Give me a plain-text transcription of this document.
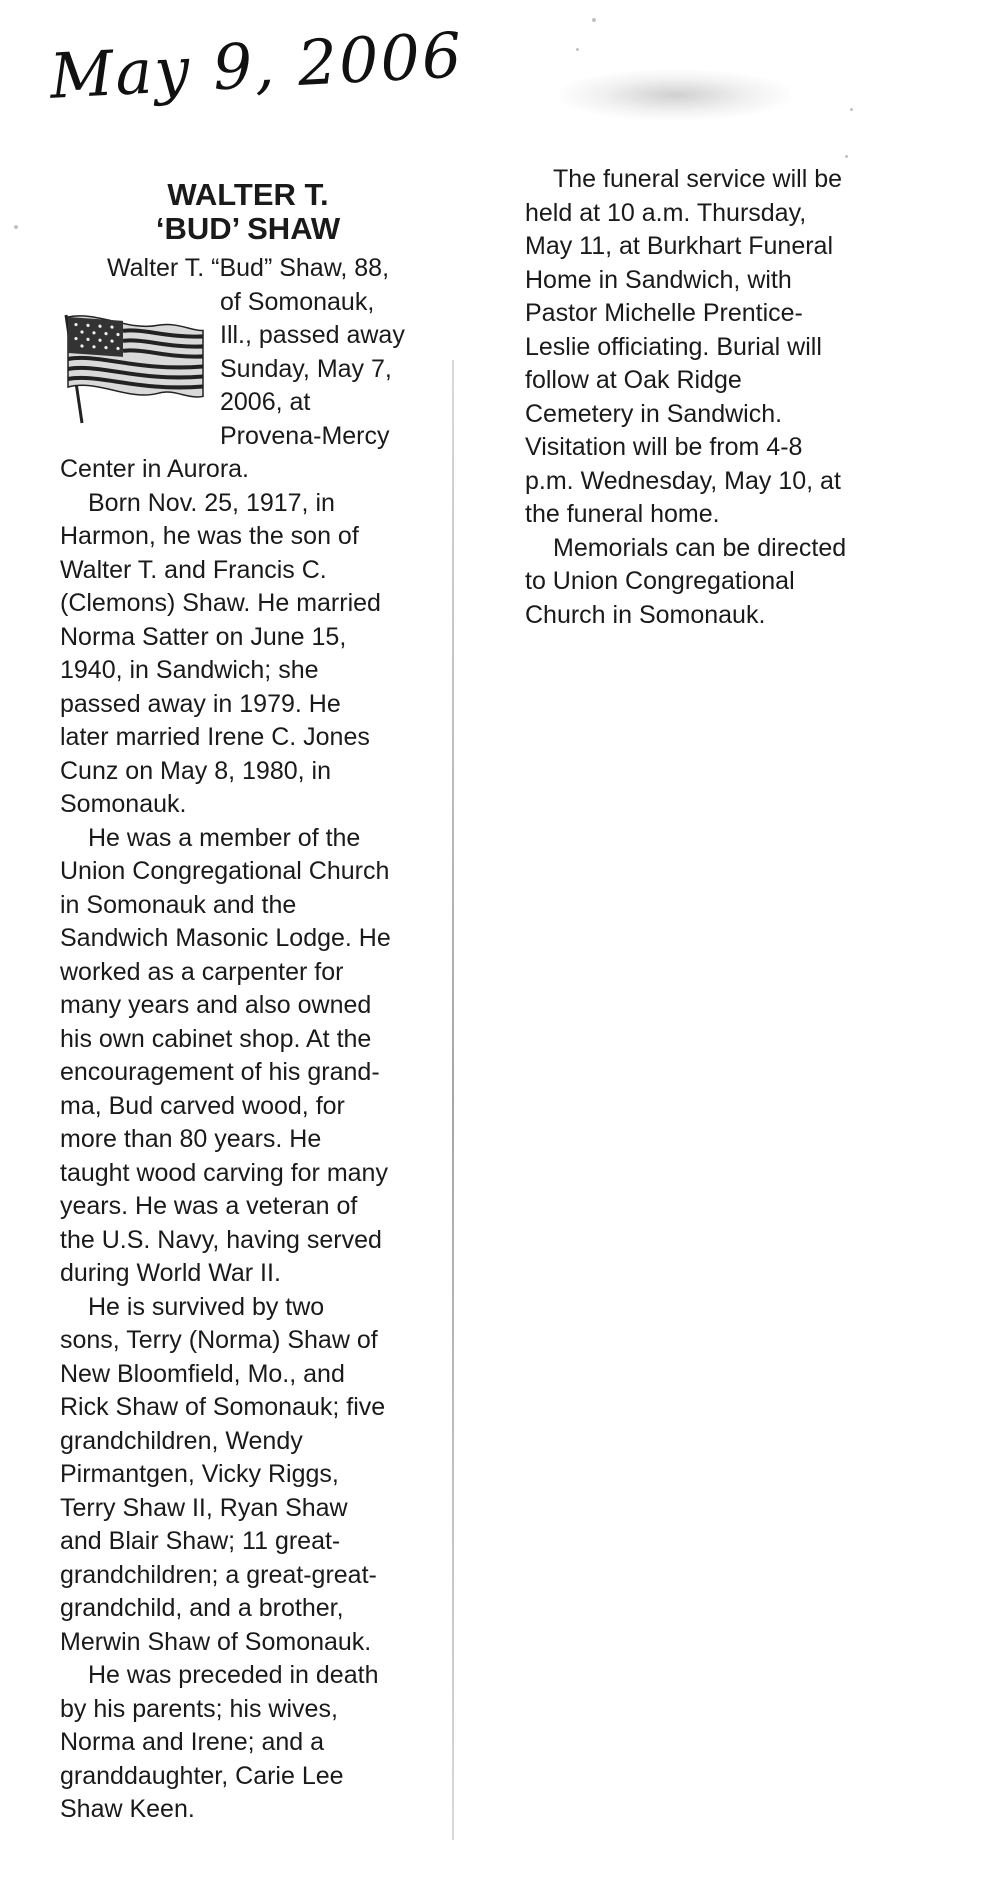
May 9, 2006
WALTER T.
‘BUD’ SHAW

Walter T. “Bud” Shaw, 88,

of Somonauk,
Ill., passed away
Sunday, May 7,
2006, at
Provena-Mercy
Center in Aurora.
Born Nov. 25, 1917, in
Harmon, he was the son of
Walter T. and Francis C.
(Clemons) Shaw. He married
Norma Satter on June 15,
1940, in Sandwich; she
passed away in 1979. He
later married Irene C. Jones
Cunz on May 8, 1980, in
Somonauk.
He was a member of the
Union Congregational Church
in Somonauk and the
Sandwich Masonic Lodge. He
worked as a carpenter for
many years and also owned
his own cabinet shop. At the
encouragement of his grand-
ma, Bud carved wood, for
more than 80 years. He
taught wood carving for many
years. He was a veteran of
the U.S. Navy, having served
during World War II.
He is survived by two
sons, Terry (Norma) Shaw of
New Bloomfield, Mo., and
Rick Shaw of Somonauk; five
grandchildren, Wendy
Pirmantgen, Vicky Riggs,
Terry Shaw II, Ryan Shaw
and Blair Shaw; 11 great-
grandchildren; a great-great-
grandchild, and a brother,
Merwin Shaw of Somonauk.
He was preceded in death
by his parents; his wives,
Norma and Irene; and a
granddaughter, Carie Lee
Shaw Keen.
The funeral service will be
held at 10 a.m. Thursday,
May 11, at Burkhart Funeral
Home in Sandwich, with
Pastor Michelle Prentice-
Leslie officiating. Burial will
follow at Oak Ridge
Cemetery in Sandwich.
Visitation will be from 4-8
p.m. Wednesday, May 10, at
the funeral home.
Memorials can be directed
to Union Congregational
Church in Somonauk.
